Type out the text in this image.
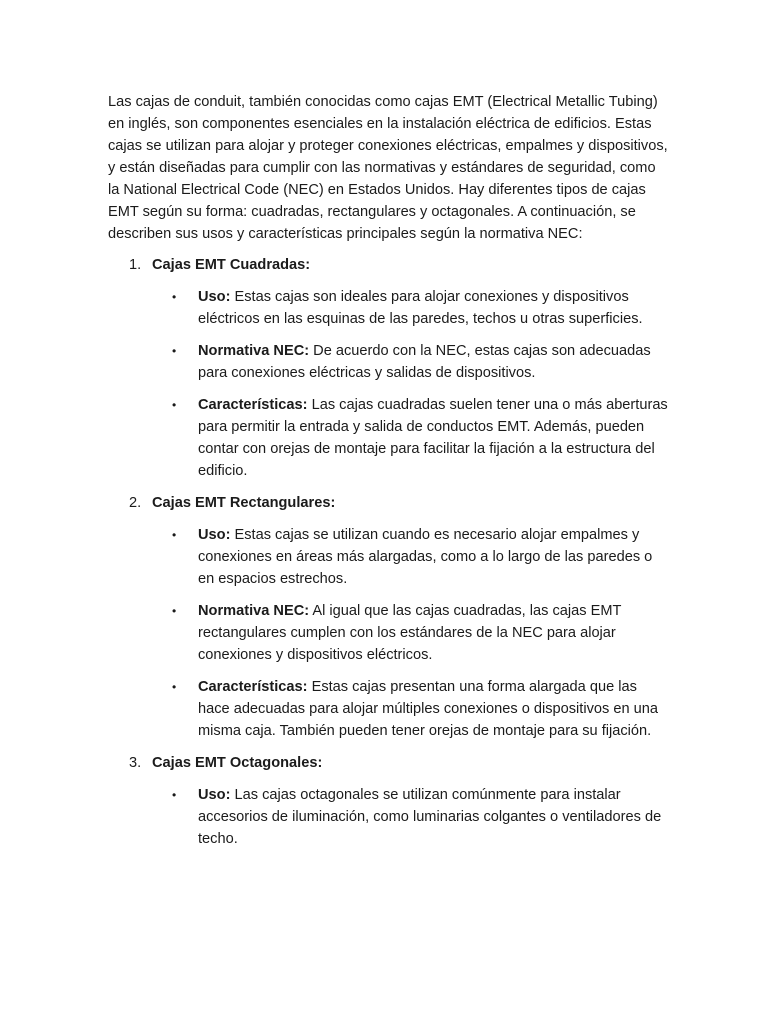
Las cajas de conduit, también conocidas como cajas EMT (Electrical Metallic Tubing) en inglés, son componentes esenciales en la instalación eléctrica de edificios. Estas cajas se utilizan para alojar y proteger conexiones eléctricas, empalmes y dispositivos, y están diseñadas para cumplir con las normativas y estándares de seguridad, como la National Electrical Code (NEC) en Estados Unidos. Hay diferentes tipos de cajas EMT según su forma: cuadradas, rectangulares y octagonales. A continuación, se describen sus usos y características principales según la normativa NEC:

1. Cajas EMT Cuadradas:
• Uso: Estas cajas son ideales para alojar conexiones y dispositivos eléctricos en las esquinas de las paredes, techos u otras superficies.
• Normativa NEC: De acuerdo con la NEC, estas cajas son adecuadas para conexiones eléctricas y salidas de dispositivos.
• Características: Las cajas cuadradas suelen tener una o más aberturas para permitir la entrada y salida de conductos EMT. Además, pueden contar con orejas de montaje para facilitar la fijación a la estructura del edificio.
2. Cajas EMT Rectangulares:
• Uso: Estas cajas se utilizan cuando es necesario alojar empalmes y conexiones en áreas más alargadas, como a lo largo de las paredes o en espacios estrechos.
• Normativa NEC: Al igual que las cajas cuadradas, las cajas EMT rectangulares cumplen con los estándares de la NEC para alojar conexiones y dispositivos eléctricos.
• Características: Estas cajas presentan una forma alargada que las hace adecuadas para alojar múltiples conexiones o dispositivos en una misma caja. También pueden tener orejas de montaje para su fijación.
3. Cajas EMT Octagonales:
• Uso: Las cajas octagonales se utilizan comúnmente para instalar accesorios de iluminación, como luminarias colgantes o ventiladores de techo.
